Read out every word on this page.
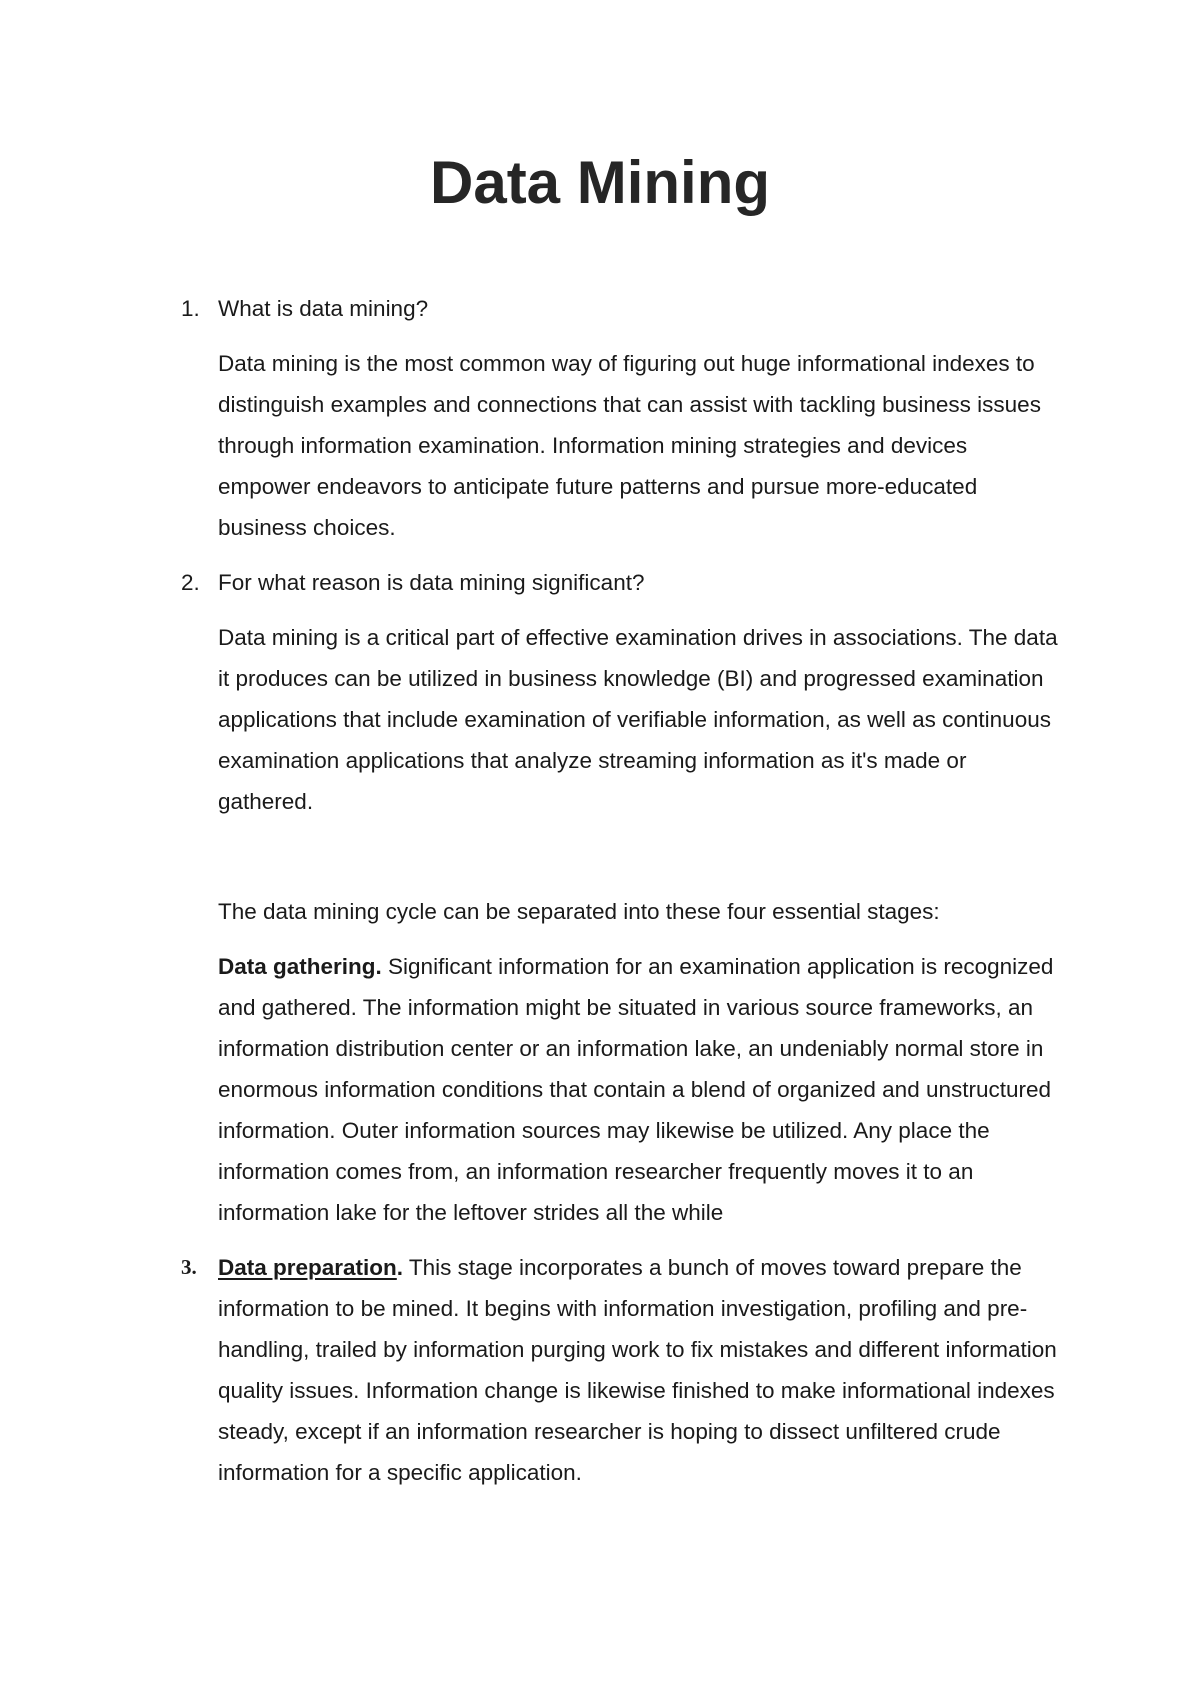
Data Mining
1. What is data mining?

Data mining is the most common way of figuring out huge informational indexes to distinguish examples and connections that can assist with tackling business issues through information examination. Information mining strategies and devices empower endeavors to anticipate future patterns and pursue more-educated business choices.

2. For what reason is data mining significant?

Data mining is a critical part of effective examination drives in associations. The data it produces can be utilized in business knowledge (BI) and progressed examination applications that include examination of verifiable information, as well as continuous examination applications that analyze streaming information as it's made or gathered.

The data mining cycle can be separated into these four essential stages:

Data gathering. Significant information for an examination application is recognized and gathered. The information might be situated in various source frameworks, an information distribution center or an information lake, an undeniably normal store in enormous information conditions that contain a blend of organized and unstructured information. Outer information sources may likewise be utilized. Any place the information comes from, an information researcher frequently moves it to an information lake for the leftover strides all the while

3. Data preparation. This stage incorporates a bunch of moves toward prepare the information to be mined. It begins with information investigation, profiling and pre-handling, trailed by information purging work to fix mistakes and different information quality issues. Information change is likewise finished to make informational indexes steady, except if an information researcher is hoping to dissect unfiltered crude information for a specific application.
